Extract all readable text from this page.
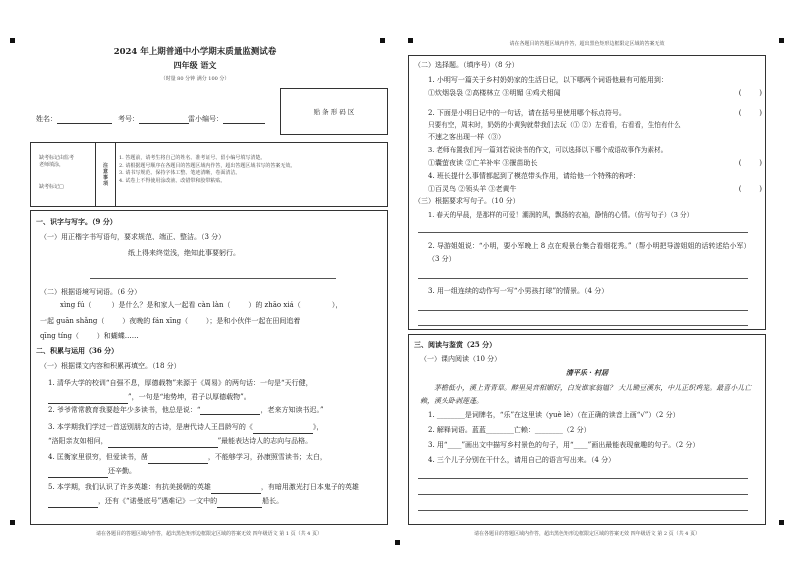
2024 年上期普通中小学期末质量监测试卷
四年级 语文
（时量 80 分钟 满分 100 分）
姓名：	考号：	雷小编号：
贴 条 形 码 区
缺考标记由监考老师填涂，
缺考标记□
注意事项
1. 答题前，请考生将自己的姓名、准考证号、留小编号填写清楚。
2. 请根据题号顺序在各题目的答题区域内作答，超出答题区域书写的答案无效。
3. 请书写规范、保持字体工整、笔迹清晰，卷面清洁。
4. 试卷上不得使用涂改液、改错带和胶带粘贴。
一、识字与写字。（9 分）
（一）用正楷字书写语句，要求规范、端正、整洁。（3 分）
纸上得来终觉浅，绝知此事要躬行。
（二）根据语境写词语。（6 分）
xìng fú（         ）是什么？是和家人一起看 càn làn（        ）的 zhāo xiá（              ），
一起 guān shǎng（        ）夜晚的 fán xīng（        ）；是和小伙伴一起在田间追着
qīng tíng（        ）和蝴蝶……
二、积累与运用（36 分）
（一）根据课文内容和积累再填空。（18 分）
1. 清华大学的校训“自强不息，厚德载物”来源于《周易》的两句话：一句是“天行健，
”，一句是“地势坤，君子以厚德载物”。
2. 爷爷常常教育我要趁年少多读书，他总是说：“	，老来方知读书迟。”
3. 本学期我们学过一首送别朋友的古诗，是唐代诗人王昌龄写的《	》，
“洛阳亲友如相问，	”最能表达诗人的志向与品格。
4. 匡衡家里很穷，但爱读书，凿	，不能够学习，孙康照雪读书；太白，
还辛勤。
5. 本学期，我们认识了许多英雄：有抗美援朝的英雄	，有暗用激光打日本鬼子的英雄
，还有《“诺曼底号”遇难记》一文中的	船长。
请在各题目的答题区域内作答，超出黑色矩形边框限定区域的答案无效 四年级语文 第 1 页（共 4 页）
请在各题目的答题区域内作答，超出黑色矩形边框限定区域的答案无效
（二）选择题。（填序号）（8 分）
1. 小明写一篇关于乡村奶奶家的生活日记，以下哪两个词语他最有可能用到：
①炊烟袅袅 ②高楼林立 ③明媚 ④鸡犬相闻	(        )
2. 下面是小明日记中的一句话，请在括号里使用哪个标点符号。	(        )
只要有空，周末时，奶奶的小黄狗就带我们去玩（① ②）左看看，右看看，生怕有什么
不速之客出现一样（③）
3. 老师布置我们写一篇刘若说读书的作文，可以选择以下哪个成语故事作为素材。
①囊萤夜读 ②亡羊补牢 ③揠苗助长	(        )
4. 班长提什么事情都起到了模范带头作用，请给他一个特殊的称呼：
①百灵鸟 ②领头羊 ③老黄牛	(        )
（三）根据要求写句子。（10 分）
1. 春天的早晨，是那样的可爱！潮润的风，飘扬的衣袖，静悄的心情。（仿写句子）（3 分）
2. 导游姐姐说：“小明，要小军晚上 8 点在观景台集合看烟花秀。”（帮小明把导游姐姐的话转述给小军）（3 分）
3. 用一组连续的动作写一写“小男孩打球”的情景。（4 分）
三、阅读与鉴赏（25 分）
（一）课内阅读（10 分）
清平乐 · 村居
茅檐低小，溪上青青草。醉里吴音相媚好，白发谁家翁媪？ 大儿锄豆溪东，中儿正织鸡笼。最喜小儿亡赖，溪头卧剥莲蓬。
1. ________是词牌名，“乐”在这里读（yuè lè）（在正确的读音上画“√”）（2 分）
2. 解释词语。蓝蓝________亡赖：________（2 分）
3. 用“____”画出文中描写乡村景色的句子，用“____”画出最能表现童趣的句子。（2 分）
4. 三个儿子分别在干什么，请用自己的语言写出来。（4 分）
请在各题目的答题区域内作答，超出黑色矩形边框限定区域的答案无效 四年级语文 第 2 页（共 4 页）
